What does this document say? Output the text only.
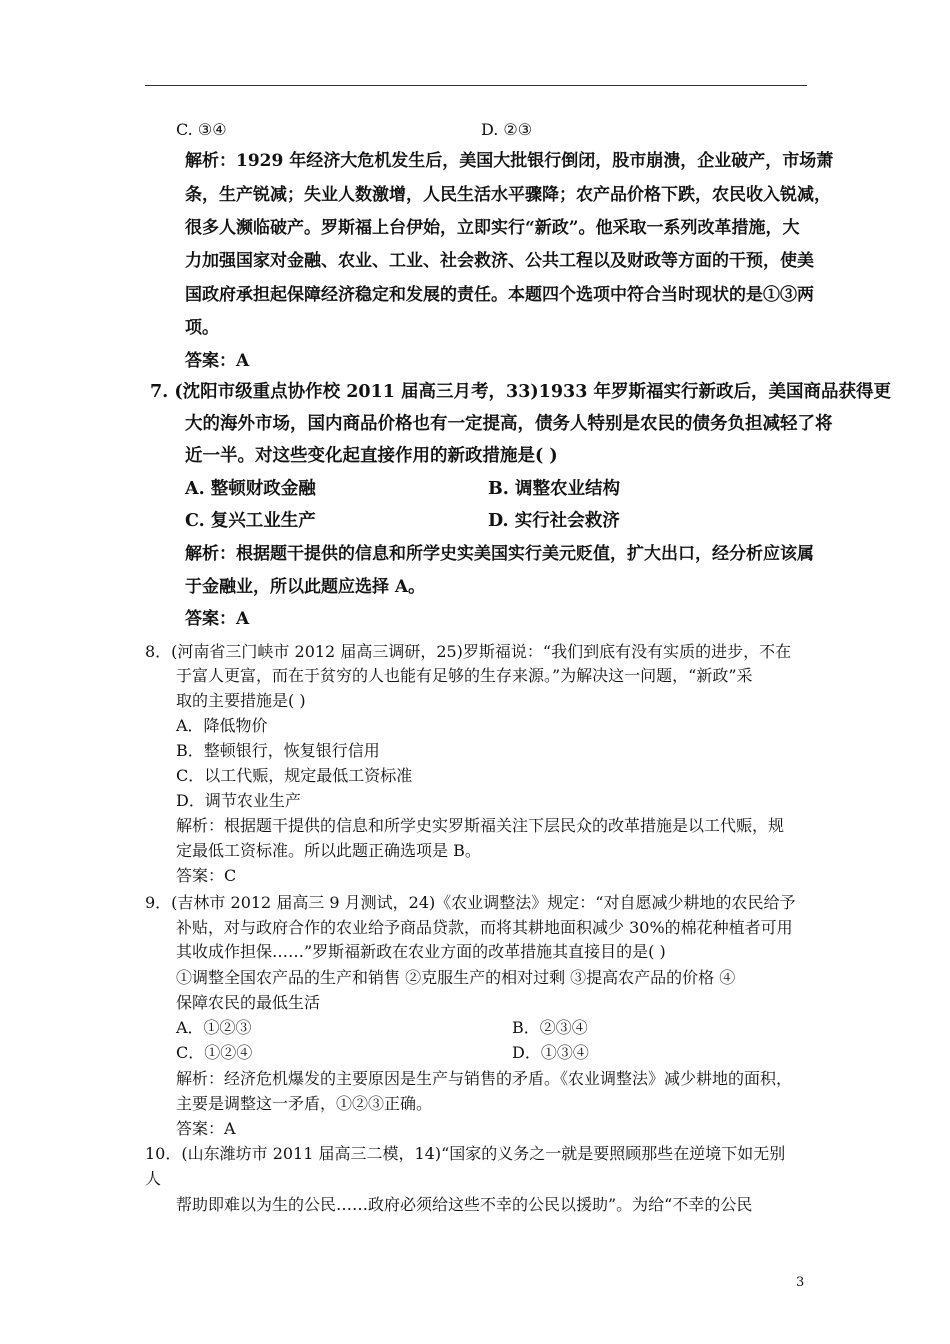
C. ③④	D. ②③
解析：1929 年经济大危机发生后，美国大批银行倒闭，股市崩溃，企业破产，市场萧
条，生产锐减；失业人数激增，人民生活水平骤降；农产品价格下跌，农民收入锐减，
很多人濒临破产。罗斯福上台伊始，立即实行“新政”。他采取一系列改革措施，大
力加强国家对金融、农业、工业、社会救济、公共工程以及财政等方面的干预，使美
国政府承担起保障经济稳定和发展的责任。本题四个选项中符合当时现状的是①③两
项。
答案：A
7. (沈阳市级重点协作校 2011 届高三月考，33)1933 年罗斯福实行新政后，美国商品获得更
大的海外市场，国内商品价格也有一定提高，债务人特别是农民的债务负担减轻了将
近一半。对这些变化起直接作用的新政措施是( )
A. 整顿财政金融	B. 调整农业结构
C. 复兴工业生产	D. 实行社会救济
解析：根据题干提供的信息和所学史实美国实行美元贬值，扩大出口，经分析应该属
于金融业，所以此题应选择 A。
答案：A
8．(河南省三门峡市 2012 届高三调研，25)罗斯福说：“我们到底有没有实质的进步，不在
于富人更富，而在于贫穷的人也能有足够的生存来源。”为解决这一问题，“新政”采
取的主要措施是( )
A．降低物价
B．整顿银行，恢复银行信用
C．以工代赈，规定最低工资标准
D．调节农业生产
解析：根据题干提供的信息和所学史实罗斯福关注下层民众的改革措施是以工代赈，规
定最低工资标准。所以此题正确选项是 B。
答案：C
9．(吉林市 2012 届高三 9 月测试，24)《农业调整法》规定：“对自愿减少耕地的农民给予
补贴，对与政府合作的农业给予商品贷款，而将其耕地面积减少 30%的棉花种植者可用
其收成作担保……”罗斯福新政在农业方面的改革措施其直接目的是( )
①调整全国农产品的生产和销售 ②克服生产的相对过剩 ③提高农产品的价格 ④
保障农民的最低生活
A．①②③	B．②③④
C．①②④	D．①③④
解析：经济危机爆发的主要原因是生产与销售的矛盾。《农业调整法》减少耕地的面积，
主要是调整这一矛盾，①②③正确。
答案：A
10．(山东潍坊市 2011 届高三二模，14)“国家的义务之一就是要照顾那些在逆境下如无别
人
帮助即难以为生的公民……政府必须给这些不幸的公民以援助”。为给“不幸的公民
3
